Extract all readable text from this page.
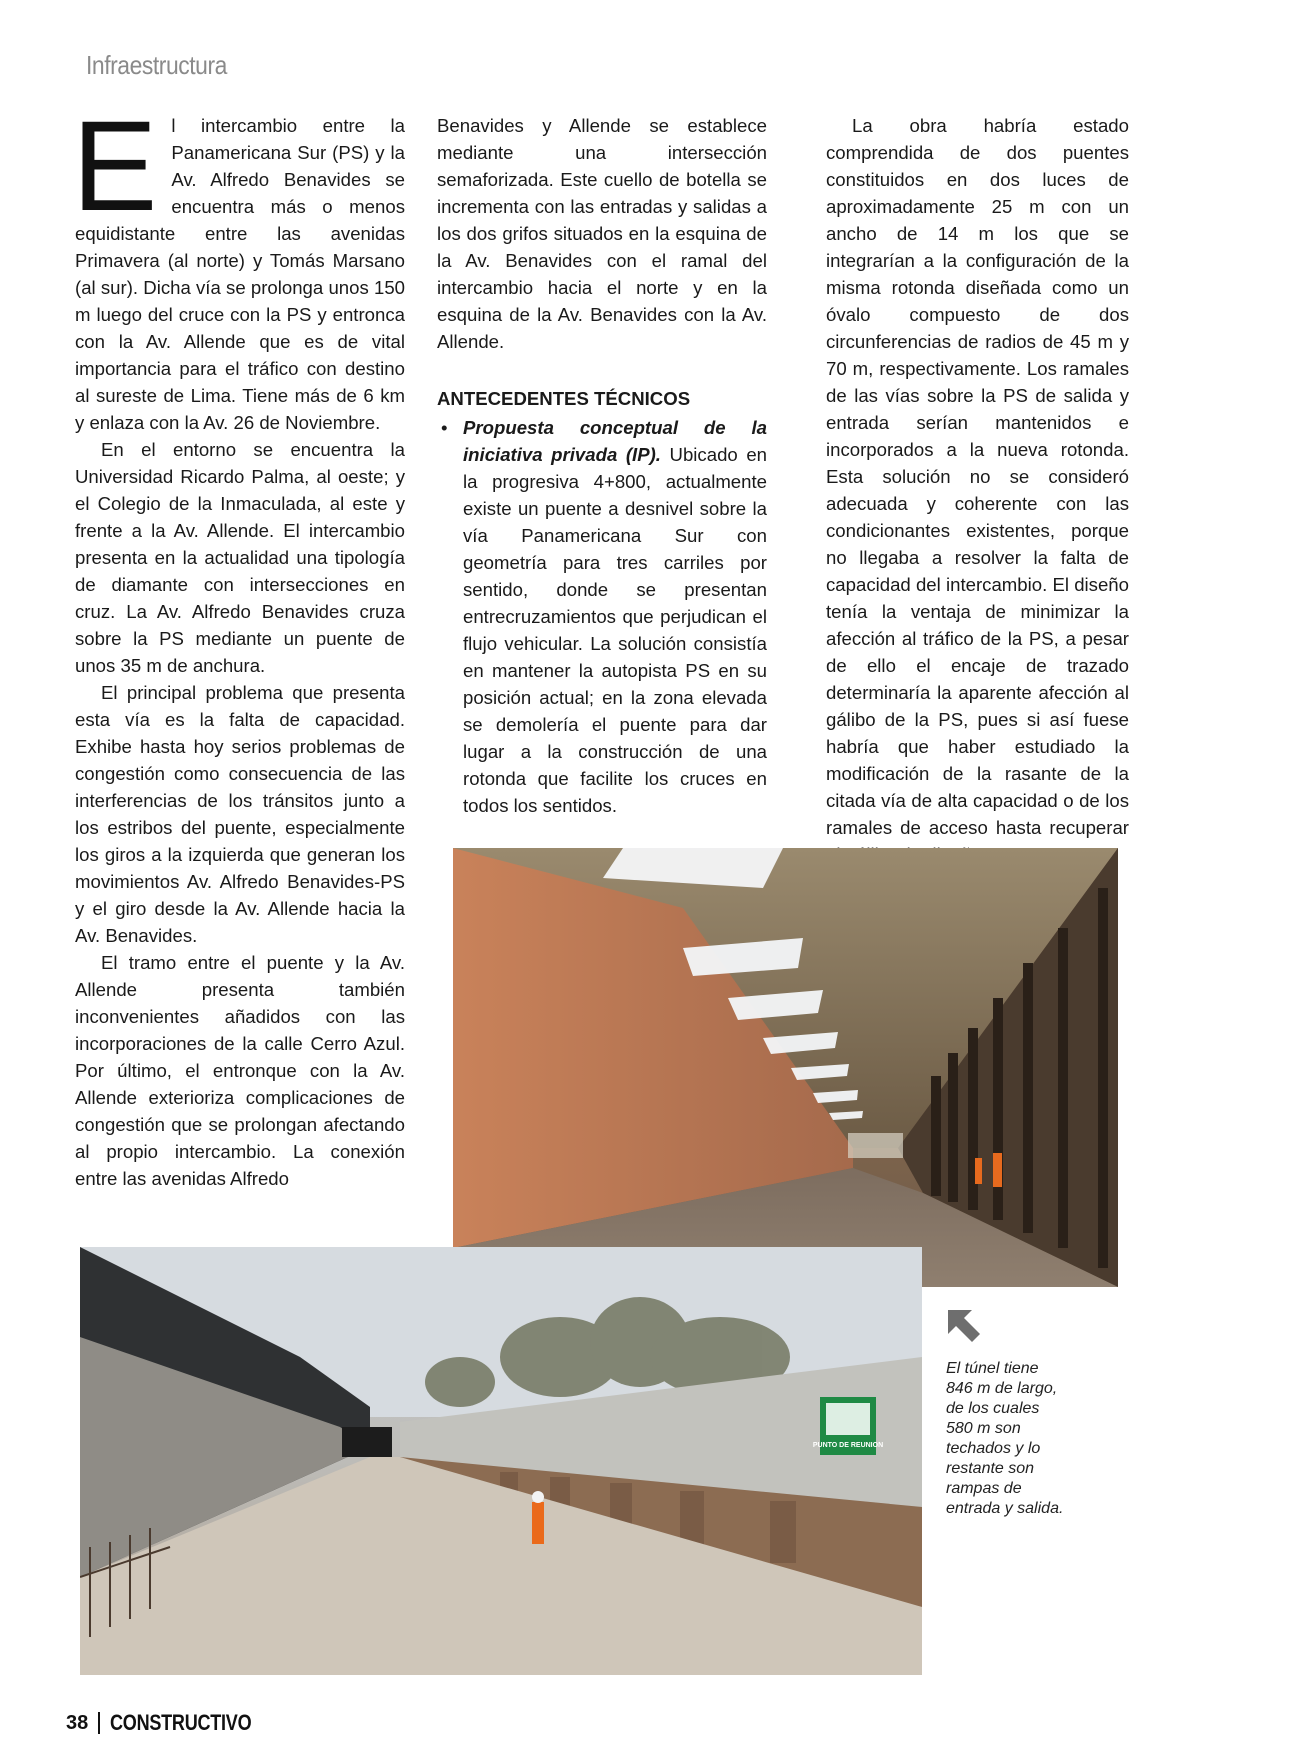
Infraestructura

El intercambio entre la Panamericana Sur (PS) y la Av. Alfredo Benavides se encuentra más o menos equidistante entre las avenidas Primavera (al norte) y Tomás Marsano (al sur). Dicha vía se prolonga unos 150 m luego del cruce con la PS y entronca con la Av. Allende que es de vital importancia para el tráfico con destino al sureste de Lima. Tiene más de 6 km y enlaza con la Av. 26 de Noviembre.

En el entorno se encuentra la Universidad Ricardo Palma, al oeste; y el Colegio de la Inmaculada, al este y frente a la Av. Allende. El intercambio presenta en la actualidad una tipología de diamante con intersecciones en cruz. La Av. Alfredo Benavides cruza sobre la PS mediante un puente de unos 35 m de anchura.

El principal problema que presenta esta vía es la falta de capacidad. Exhibe hasta hoy serios problemas de congestión como consecuencia de las interferencias de los tránsitos junto a los estribos del puente, especialmente los giros a la izquierda que generan los movimientos Av. Alfredo Benavides-PS y el giro desde la Av. Allende hacia la Av. Benavides.

El tramo entre el puente y la Av. Allende presenta también inconvenientes añadidos con las incorporaciones de la calle Cerro Azul. Por último, el entronque con la Av. Allende exterioriza complicaciones de congestión que se prolongan afectando al propio intercambio. La conexión entre las avenidas Alfredo

Benavides y Allende se establece mediante una intersección semaforizada. Este cuello de botella se incrementa con las entradas y salidas a los dos grifos situados en la esquina de la Av. Benavides con el ramal del intercambio hacia el norte y en la esquina de la Av. Benavides con la Av. Allende.

ANTECEDENTES TÉCNICOS

• Propuesta conceptual de la iniciativa privada (IP). Ubicado en la progresiva 4+800, actualmente existe un puente a desnivel sobre la vía Panamericana Sur con geometría para tres carriles por sentido, donde se presentan entrecruzamientos que perjudican el flujo vehicular. La solución consistía en mantener la autopista PS en su posición actual; en la zona elevada se demolería el puente para dar lugar a la construcción de una rotonda que facilite los cruces en todos los sentidos.

La obra habría estado comprendida de dos puentes constituidos en dos luces de aproximadamente 25 m con un ancho de 14 m los que se integrarían a la configuración de la misma rotonda diseñada como un óvalo compuesto de dos circunferencias de radios de 45 m y 70 m, respectivamente. Los ramales de las vías sobre la PS de salida y entrada serían mantenidos e incorporados a la nueva rotonda. Esta solución no se consideró adecuada y coherente con las condicionantes existentes, porque no llegaba a resolver la falta de capacidad del intercambio. El diseño tenía la ventaja de minimizar la afección al tráfico de la PS, a pesar de ello el encaje de trazado determinaría la aparente afección al gálibo de la PS, pues si así fuese habría que haber estudiado la modificación de la rasante de la citada vía de alta capacidad o de los ramales de acceso hasta recuperar

PUNTO DE REUNION
El túnel tiene 846 m de largo, de los cuales 580 m son techados y lo restante son rampas de entrada y salida.
38 CONSTRUCTIVO
